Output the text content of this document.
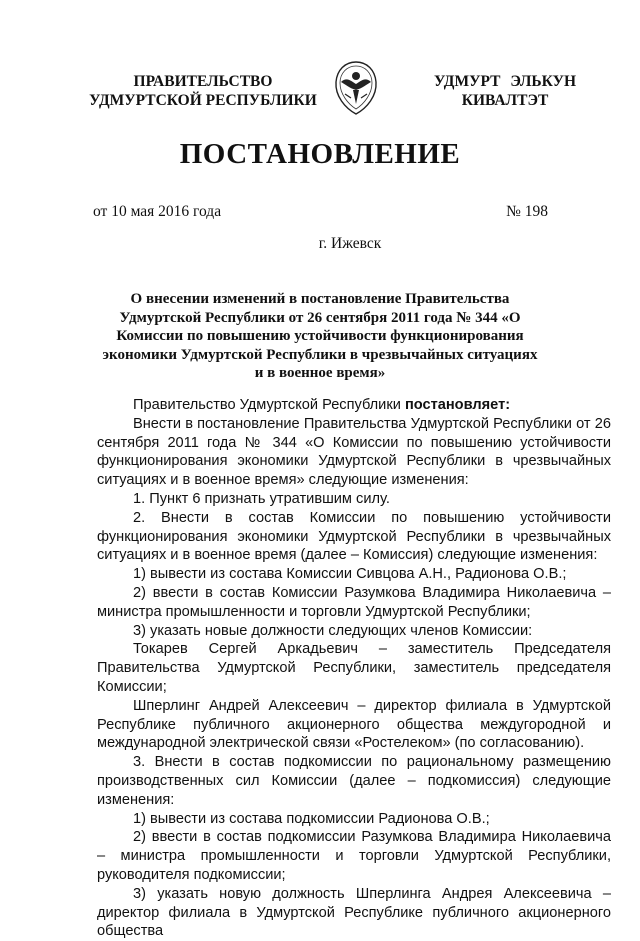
ПРАВИТЕЛЬСТВО
УДМУРТСКОЙ РЕСПУБЛИКИ
УДМУРТ ЭЛЬКУН
КИВАЛТЭТ
ПОСТАНОВЛЕНИЕ
от 10 мая 2016 года	№ 198
г. Ижевск
О внесении изменений в постановление Правительства Удмуртской Республики от 26 сентября 2011 года № 344 «О Комиссии по повышению устойчивости функционирования экономики Удмуртской Республики в чрезвычайных ситуациях и в военное время»

Правительство Удмуртской Республики постановляет:

Внести в постановление Правительства Удмуртской Республики от 26 сентября 2011 года № 344 «О Комиссии по повышению устойчивости функционирования экономики Удмуртской Республики в чрезвычайных ситуациях и в военное время» следующие изменения:

1. Пункт 6 признать утратившим силу.

2. Внести в состав Комиссии по повышению устойчивости функционирования экономики Удмуртской Республики в чрезвычайных ситуациях и в военное время (далее – Комиссия) следующие изменения:

1) вывести из состава Комиссии Сивцова А.Н., Радионова О.В.;

2) ввести в состав Комиссии Разумкова Владимира Николаевича – министра промышленности и торговли Удмуртской Республики;

3) указать новые должности следующих членов Комиссии:

Токарев Сергей Аркадьевич – заместитель Председателя Правительства Удмуртской Республики, заместитель председателя Комиссии;

Шперлинг Андрей Алексеевич – директор филиала в Удмуртской Республике публичного акционерного общества междугородной и международной электрической связи «Ростелеком» (по согласованию).

3. Внести в состав подкомиссии по рациональному размещению производственных сил Комиссии (далее – подкомиссия) следующие изменения:

1) вывести из состава подкомиссии Радионова О.В.;

2) ввести в состав подкомиссии Разумкова Владимира Николаевича – министра промышленности и торговли Удмуртской Республики, руководителя подкомиссии;

3) указать новую должность Шперлинга Андрея Алексеевича – директор филиала в Удмуртской Республике публичного акционерного общества
